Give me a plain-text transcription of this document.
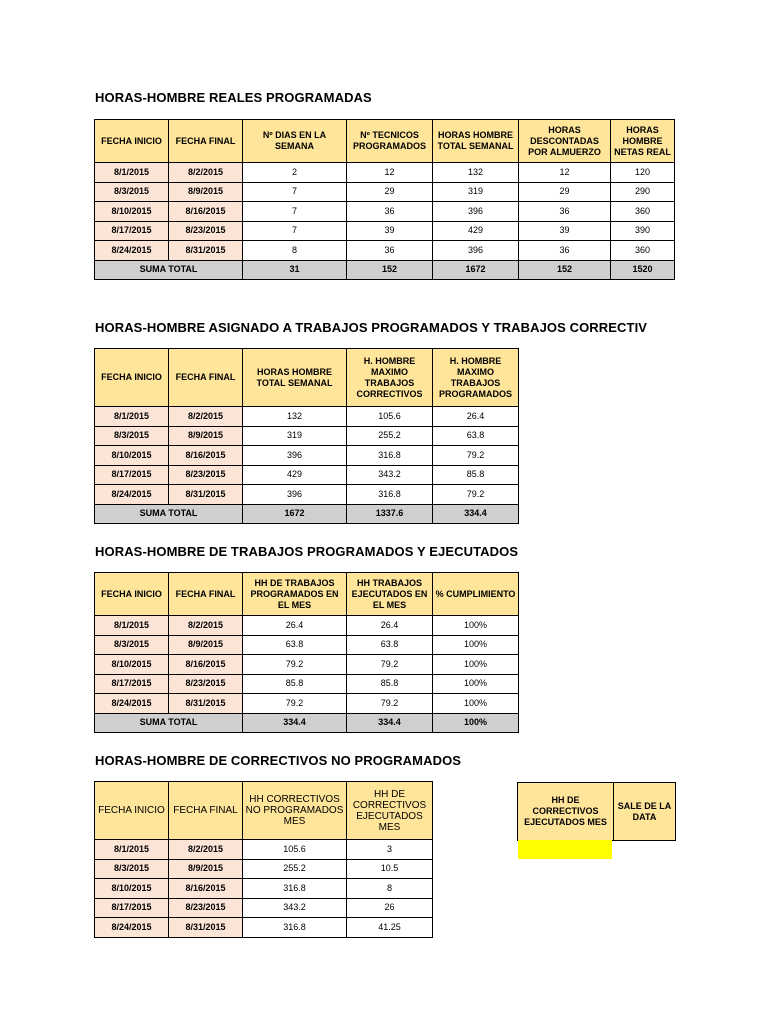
HORAS-HOMBRE REALES PROGRAMADAS
FECHA INICIO	FECHA FINAL	Nº DIAS EN LA SEMANA	Nº TECNICOS PROGRAMADOS	HORAS HOMBRE TOTAL SEMANAL	HORAS DESCONTADAS POR ALMUERZO	HORAS HOMBRE NETAS REAL
8/1/2015	8/2/2015	2	12	132	12	120
8/3/2015	8/9/2015	7	29	319	29	290
8/10/2015	8/16/2015	7	36	396	36	360
8/17/2015	8/23/2015	7	39	429	39	390
8/24/2015	8/31/2015	8	36	396	36	360
SUMA TOTAL		31	152	1672	152	1520
HORAS-HOMBRE ASIGNADO A TRABAJOS PROGRAMADOS Y TRABAJOS CORRECTIV
FECHA INICIO	FECHA FINAL	HORAS HOMBRE TOTAL SEMANAL	H. HOMBRE MAXIMO TRABAJOS CORRECTIVOS	H. HOMBRE MAXIMO TRABAJOS PROGRAMADOS
8/1/2015	8/2/2015	132	105.6	26.4
8/3/2015	8/9/2015	319	255.2	63.8
8/10/2015	8/16/2015	396	316.8	79.2
8/17/2015	8/23/2015	429	343.2	85.8
8/24/2015	8/31/2015	396	316.8	79.2
SUMA TOTAL		1672	1337.6	334.4
HORAS-HOMBRE DE TRABAJOS PROGRAMADOS Y EJECUTADOS
FECHA INICIO	FECHA FINAL	HH DE TRABAJOS PROGRAMADOS EN EL MES	HH TRABAJOS EJECUTADOS EN EL MES	% CUMPLIMIENTO
8/1/2015	8/2/2015	26.4	26.4	100%
8/3/2015	8/9/2015	63.8	63.8	100%
8/10/2015	8/16/2015	79.2	79.2	100%
8/17/2015	8/23/2015	85.8	85.8	100%
8/24/2015	8/31/2015	79.2	79.2	100%
SUMA TOTAL		334.4	334.4	100%
HORAS-HOMBRE DE CORRECTIVOS NO PROGRAMADOS
FECHA INICIO	FECHA FINAL	HH CORRECTIVOS NO PROGRAMADOS MES	HH DE CORRECTIVOS EJECUTADOS MES
8/1/2015	8/2/2015	105.6	3
8/3/2015	8/9/2015	255.2	10.5
8/10/2015	8/16/2015	316.8	8
8/17/2015	8/23/2015	343.2	26
8/24/2015	8/31/2015	316.8	41.25
HH DE CORRECTIVOS EJECUTADOS MES	SALE DE LA DATA
